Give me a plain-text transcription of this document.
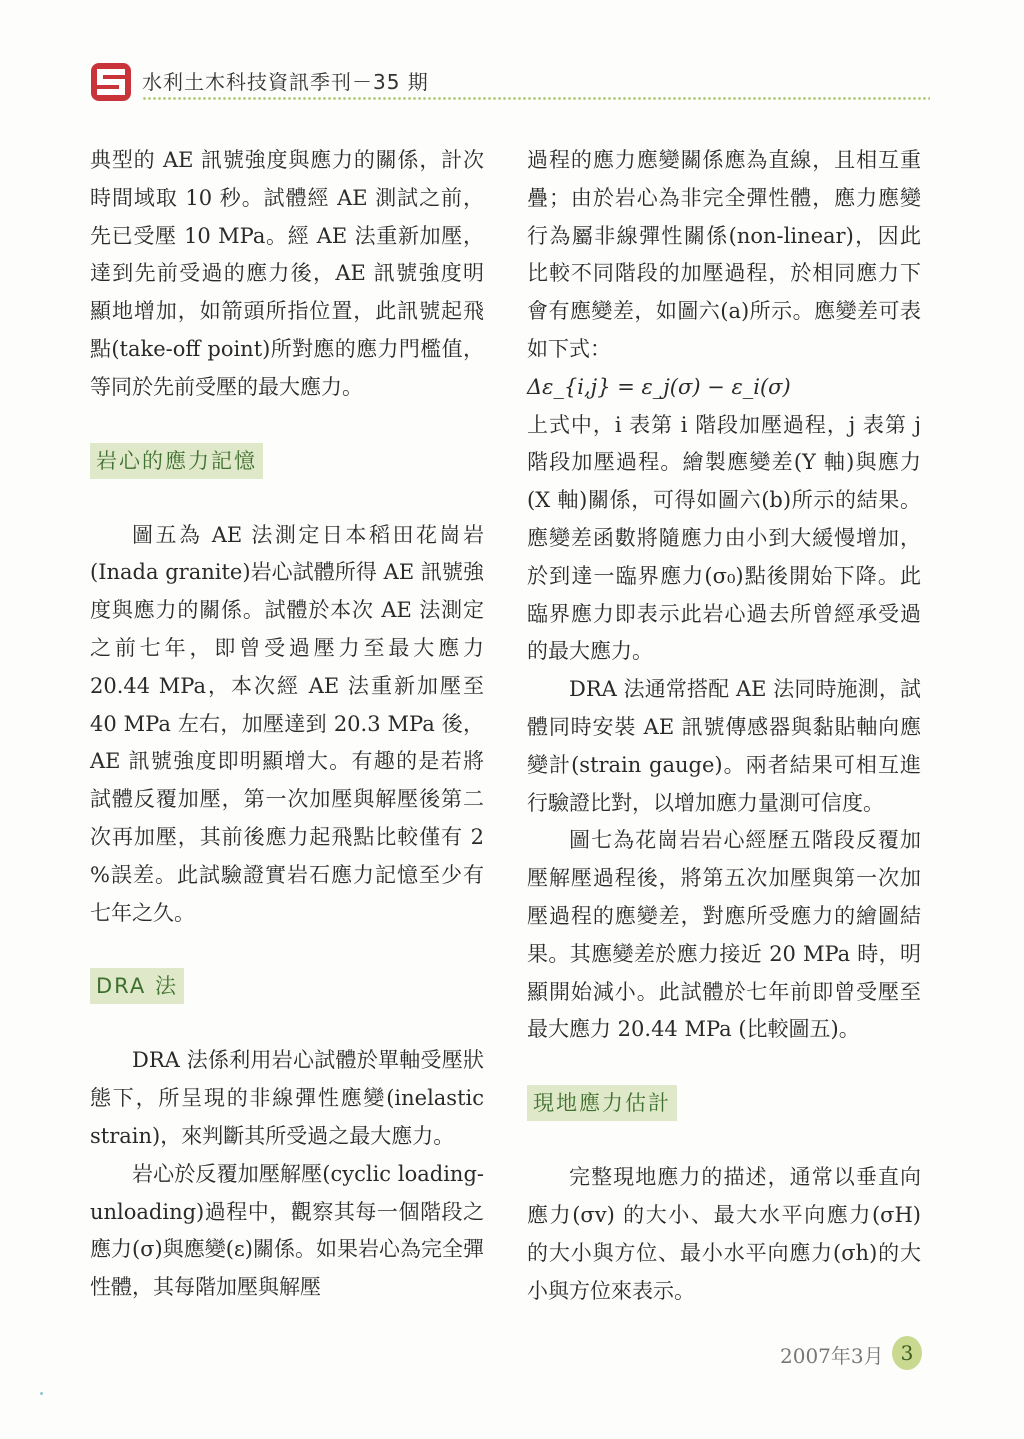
水利土木科技資訊季刊－35 期

典型的 AE 訊號強度與應力的關係，計次時間域取 10 秒。試體經 AE 測試之前，先已受壓 10 MPa。經 AE 法重新加壓，達到先前受過的應力後，AE 訊號強度明顯地增加，如箭頭所指位置，此訊號起飛點(take-off point)所對應的應力門檻值，等同於先前受壓的最大應力。

岩心的應力記憶

圖五為 AE 法測定日本稻田花崗岩(Inada granite)岩心試體所得 AE 訊號強度與應力的關係。試體於本次 AE 法測定之前七年，即曾受過壓力至最大應力 20.44 MPa，本次經 AE 法重新加壓至 40 MPa 左右，加壓達到 20.3 MPa 後，AE 訊號強度即明顯增大。有趣的是若將試體反覆加壓，第一次加壓與解壓後第二次再加壓，其前後應力起飛點比較僅有 2 %誤差。此試驗證實岩石應力記憶至少有七年之久。

DRA 法

DRA 法係利用岩心試體於單軸受壓狀態下，所呈現的非線彈性應變(inelastic strain)，來判斷其所受過之最大應力。

岩心於反覆加壓解壓(cyclic loading-unloading)過程中，觀察其每一個階段之應力(σ)與應變(ε)關係。如果岩心為完全彈性體，其每階加壓與解壓

過程的應力應變關係應為直線，且相互重疊；由於岩心為非完全彈性體，應力應變行為屬非線彈性關係(non-linear)，因此比較不同階段的加壓過程，於相同應力下會有應變差，如圖六(a)所示。應變差可表如下式：

Δε_{i,j} = ε_j(σ) − ε_i(σ)

上式中，i 表第 i 階段加壓過程，j 表第 j 階段加壓過程。繪製應變差(Y 軸)與應力(X 軸)關係，可得如圖六(b)所示的結果。應變差函數將隨應力由小到大緩慢增加，於到達一臨界應力(σ₀)點後開始下降。此臨界應力即表示此岩心過去所曾經承受過的最大應力。

DRA 法通常搭配 AE 法同時施測，試體同時安裝 AE 訊號傳感器與黏貼軸向應變計(strain gauge)。兩者結果可相互進行驗證比對，以增加應力量測可信度。

圖七為花崗岩岩心經歷五階段反覆加壓解壓過程後，將第五次加壓與第一次加壓過程的應變差，對應所受應力的繪圖結果。其應變差於應力接近 20 MPa 時，明顯開始減小。此試體於七年前即曾受壓至最大應力 20.44 MPa (比較圖五)。

現地應力估計

完整現地應力的描述，通常以垂直向應力(σv) 的大小、最大水平向應力(σH) 的大小與方位、最小水平向應力(σh)的大小與方位來表示。

2007年3月 3
